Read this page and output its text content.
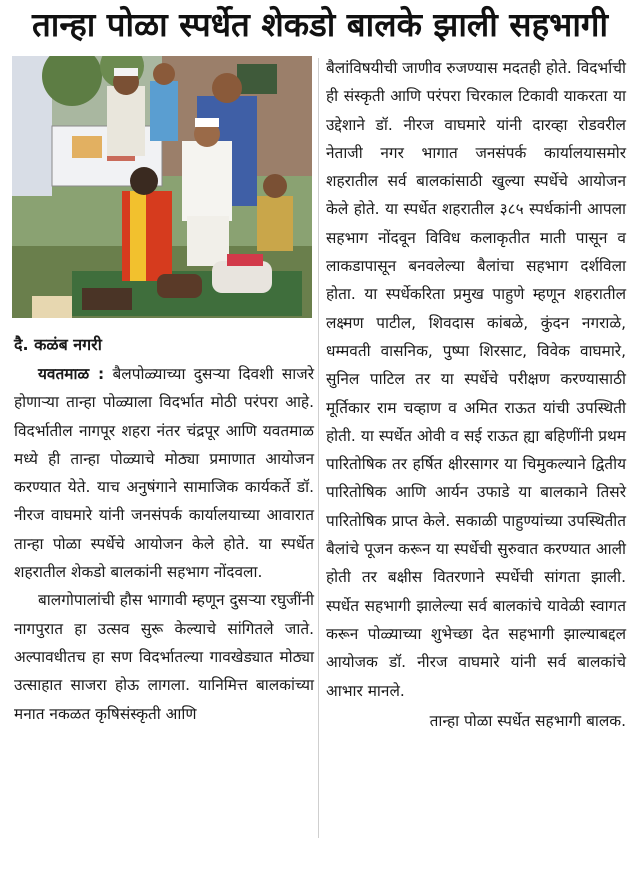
तान्हा पोळा स्पर्धेत शेकडो बालके झाली सहभागी

दै. कळंब नगरी

यवतमाळ : बैलपोळ्याच्या दुसऱ्या दिवशी साजरे होणाऱ्या तान्हा पोळ्याला विदर्भात मोठी परंपरा आहे. विदर्भातील नागपूर शहरा नंतर चंद्रपूर आणि यवतमाळ मध्ये ही तान्हा पोळ्याचे मोठ्या प्रमाणात आयोजन करण्यात येते. याच अनुषंगाने सामाजिक कार्यकर्ते डॉ. नीरज वाघमारे यांनी जनसंपर्क कार्यालयाच्या आवारात तान्हा पोळा स्पर्धेचे आयोजन केले होते. या स्पर्धेत शहरातील शेकडो बालकांनी सहभाग नोंदवला.

बालगोपालांची हौस भागावी म्हणून दुसऱ्या रघुजींनी नागपुरात हा उत्सव सुरू केल्याचे सांगितले जाते. अल्पावधीतच हा सण विदर्भातल्या गावखेड्यात मोठ्या उत्साहात साजरा होऊ लागला. यानिमित्त बालकांच्या मनात नकळत कृषिसंस्कृती आणि

बैलांविषयीची जाणीव रुजण्यास मदतही होते. विदर्भाची ही संस्कृती आणि परंपरा चिरकाल टिकावी याकरता या उद्देशाने डॉ. नीरज वाघमारे यांनी दारव्हा रोडवरील नेताजी नगर भागात जनसंपर्क कार्यालयासमोर शहरातील सर्व बालकांसाठी खुल्या स्पर्धेचे आयोजन केले होते. या स्पर्धेत शहरातील ३८५ स्पर्धकांनी आपला सहभाग नोंदवून विविध कलाकृतीत माती पासून व लाकडापासून बनवलेल्या बैलांचा सहभाग दर्शविला होता. या स्पर्धेकरिता प्रमुख पाहुणे म्हणून शहरातील लक्ष्मण पाटील, शिवदास कांबळे, कुंदन नगराळे, धम्मवती वासनिक, पुष्पा शिरसाट, विवेक वाघमारे, सुनिल पाटिल तर या स्पर्धेचे परीक्षण करण्यासाठी मूर्तिकार राम चव्हाण व अमित राऊत यांची उपस्थिती होती. या स्पर्धेत ओवी व सई राऊत ह्या बहिणींनी प्रथम पारितोषिक तर हर्षित क्षीरसागर या चिमुकल्याने द्वितीय पारितोषिक आणि आर्यन उफाडे या बालकाने तिसरे पारितोषिक प्राप्त केले. सकाळी पाहुण्यांच्या उपस्थितीत बैलांचे पूजन करून या स्पर्धेची सुरुवात करण्यात आली होती तर बक्षीस वितरणाने स्पर्धेची सांगता झाली. स्पर्धेत सहभागी झालेल्या सर्व बालकांचे यावेळी स्वागत करून पोळ्याच्या शुभेच्छा देत सहभागी झाल्याबद्दल आयोजक डॉ. नीरज वाघमारे यांनी सर्व बालकांचे आभार मानले.

तान्हा पोळा स्पर्धेत सहभागी बालक.
